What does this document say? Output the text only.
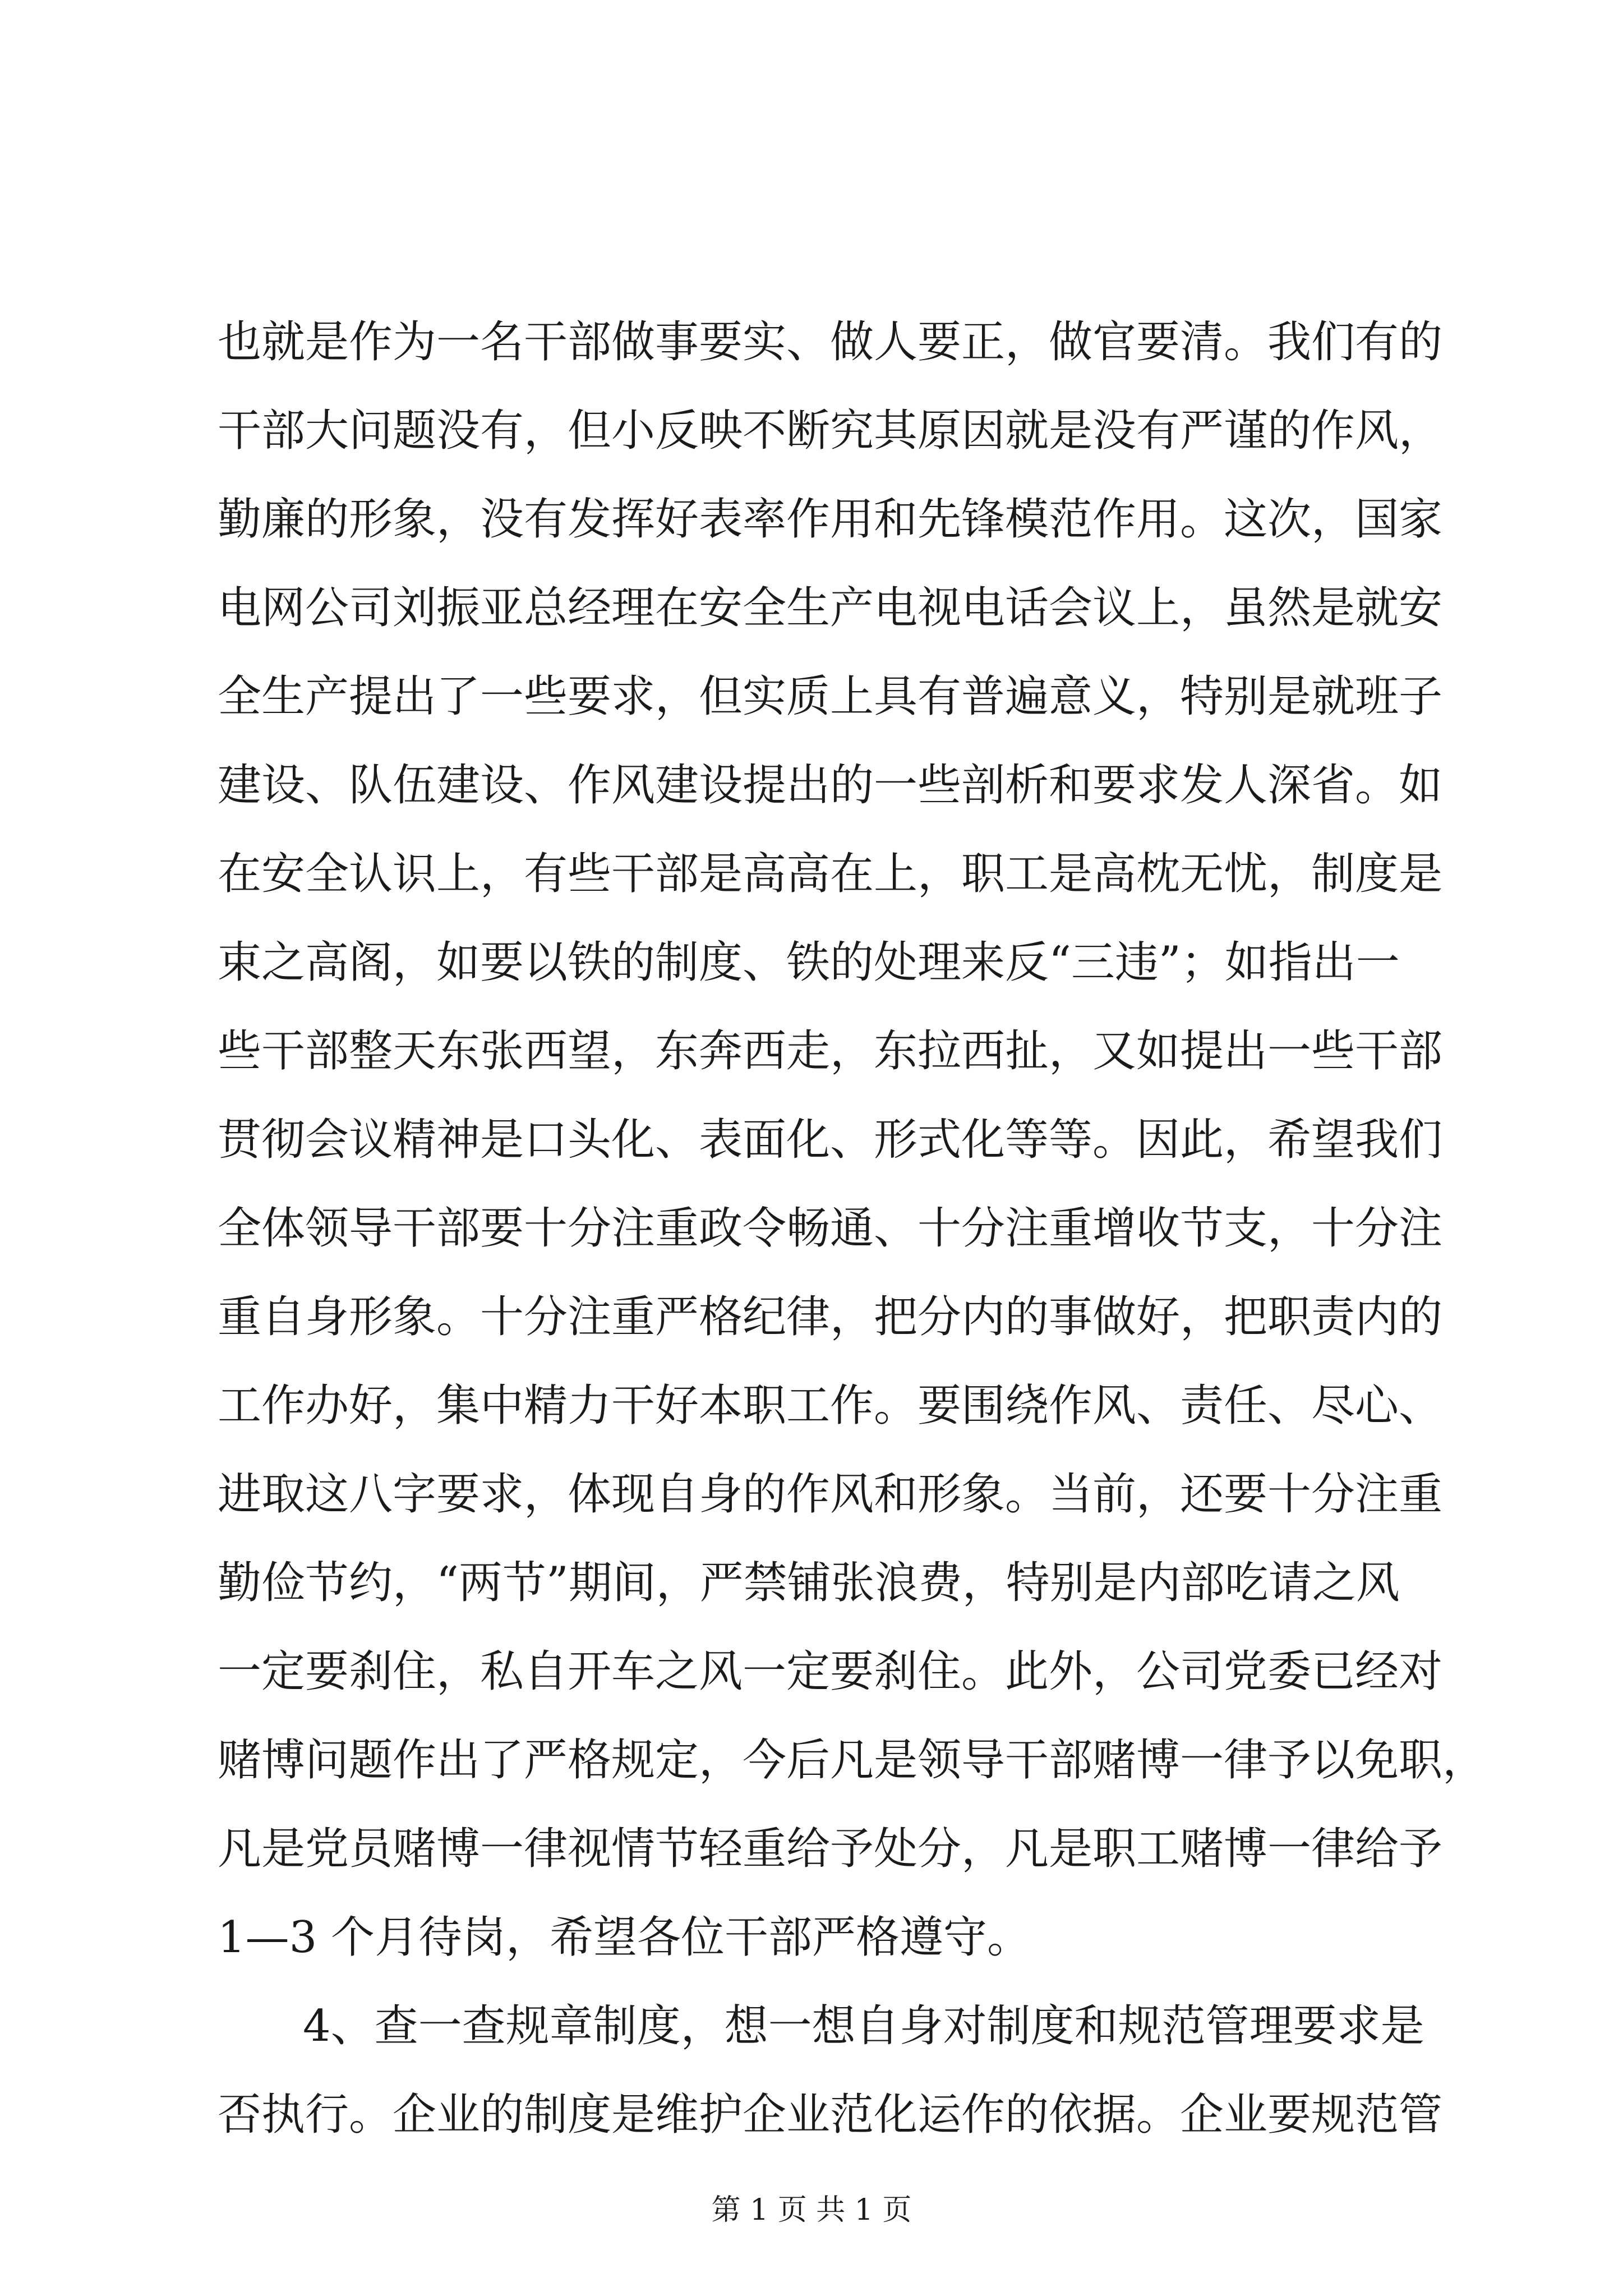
也就是作为一名干部做事要实、做人要正，做官要清。我们有的
干部大问题没有，但小反映不断究其原因就是没有严谨的作风，
勤廉的形象，没有发挥好表率作用和先锋模范作用。这次，国家
电网公司刘振亚总经理在安全生产电视电话会议上，虽然是就安
全生产提出了一些要求，但实质上具有普遍意义，特别是就班子
建设、队伍建设、作风建设提出的一些剖析和要求发人深省。如
在安全认识上，有些干部是高高在上，职工是高枕无忧，制度是
束之高阁，如要以铁的制度、铁的处理来反“三违”；如指出一
些干部整天东张西望，东奔西走，东拉西扯，又如提出一些干部
贯彻会议精神是口头化、表面化、形式化等等。因此，希望我们
全体领导干部要十分注重政令畅通、十分注重增收节支，十分注
重自身形象。十分注重严格纪律，把分内的事做好，把职责内的
工作办好，集中精力干好本职工作。要围绕作风、责任、尽心、
进取这八字要求，体现自身的作风和形象。当前，还要十分注重
勤俭节约，“两节”期间，严禁铺张浪费，特别是内部吃请之风
一定要刹住，私自开车之风一定要刹住。此外，公司党委已经对
赌博问题作出了严格规定，今后凡是领导干部赌博一律予以免职，
凡是党员赌博一律视情节轻重给予处分，凡是职工赌博一律给予
1—3 个月待岗，希望各位干部严格遵守。
4、查一查规章制度，想一想自身对制度和规范管理要求是
否执行。企业的制度是维护企业范化运作的依据。企业要规范管
第 1 页 共 1 页
